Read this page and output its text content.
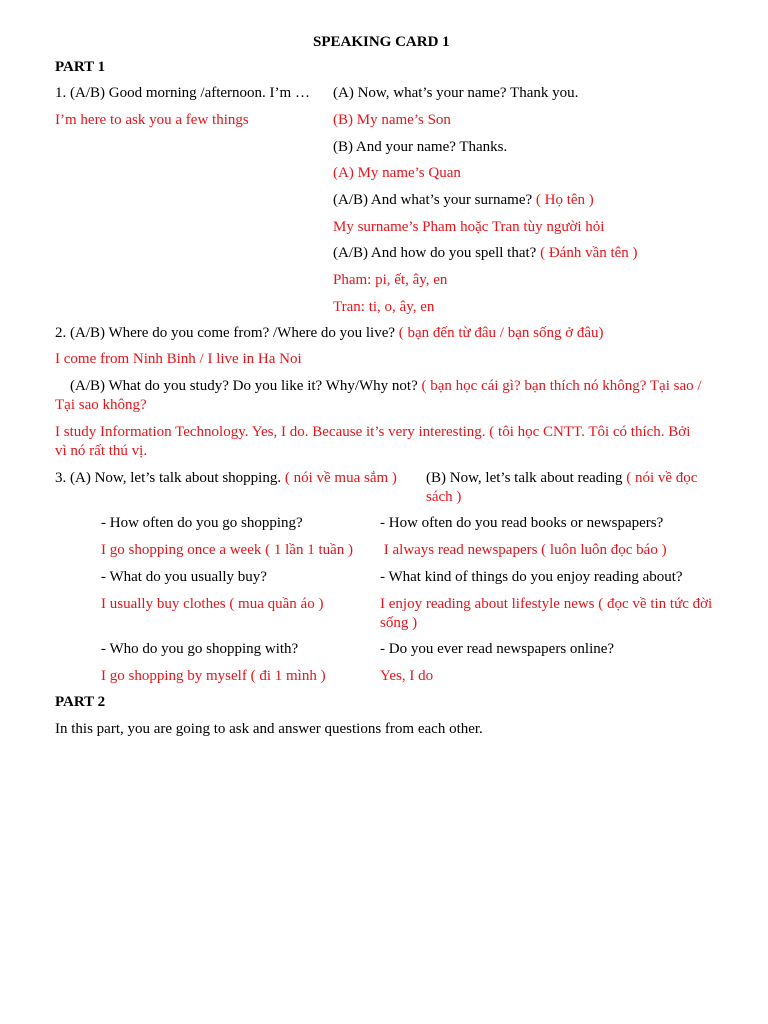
SPEAKING CARD 1
PART 1
1. (A/B) Good morning /afternoon. I’m …
I’m here to ask you a few things
(A) Now, what’s your name? Thank you.
(B) My name’s Son
(B) And your name? Thanks.
(A) My name’s Quan
(A/B) And what’s your surname? ( Họ tên )
My surname’s Pham hoặc Tran tùy người hỏi
(A/B) And how do you spell that? ( Đánh vần tên )
Pham: pi, ết, ây, en
Tran: ti, o, ây, en
2. (A/B) Where do you come from? /Where do you live? ( bạn đến từ đâu / bạn sống ở đâu)
I come from Ninh Binh / I live in Ha Noi
(A/B) What do you study? Do you like it? Why/Why not? ( bạn học cái gì? bạn thích nó không? Tại sao / Tại sao không?
I study Information Technology. Yes, I do. Because it’s very interesting. ( tôi học CNTT. Tôi có thích. Bởi vì nó rất thú vị.
3. (A) Now, let’s talk about shopping. ( nói về mua sắm ) (B) Now, let’s talk about reading ( nói về đọc sách )
- How often do you go shopping?
I go shopping once a week ( 1 lần 1 tuần )
- What do you usually buy?
I usually buy clothes ( mua quần áo )
- Who do you go shopping with?
I go shopping by myself ( đi 1 mình )
- How often do you read books or newspapers?
I always read newspapers ( luôn luôn đọc báo )
- What kind of things do you enjoy reading about?
I enjoy reading about lifestyle news ( đọc về tin tức đời sống )
- Do you ever read newspapers online?
Yes, I do
PART 2
In this part, you are going to ask and answer questions from each other.
